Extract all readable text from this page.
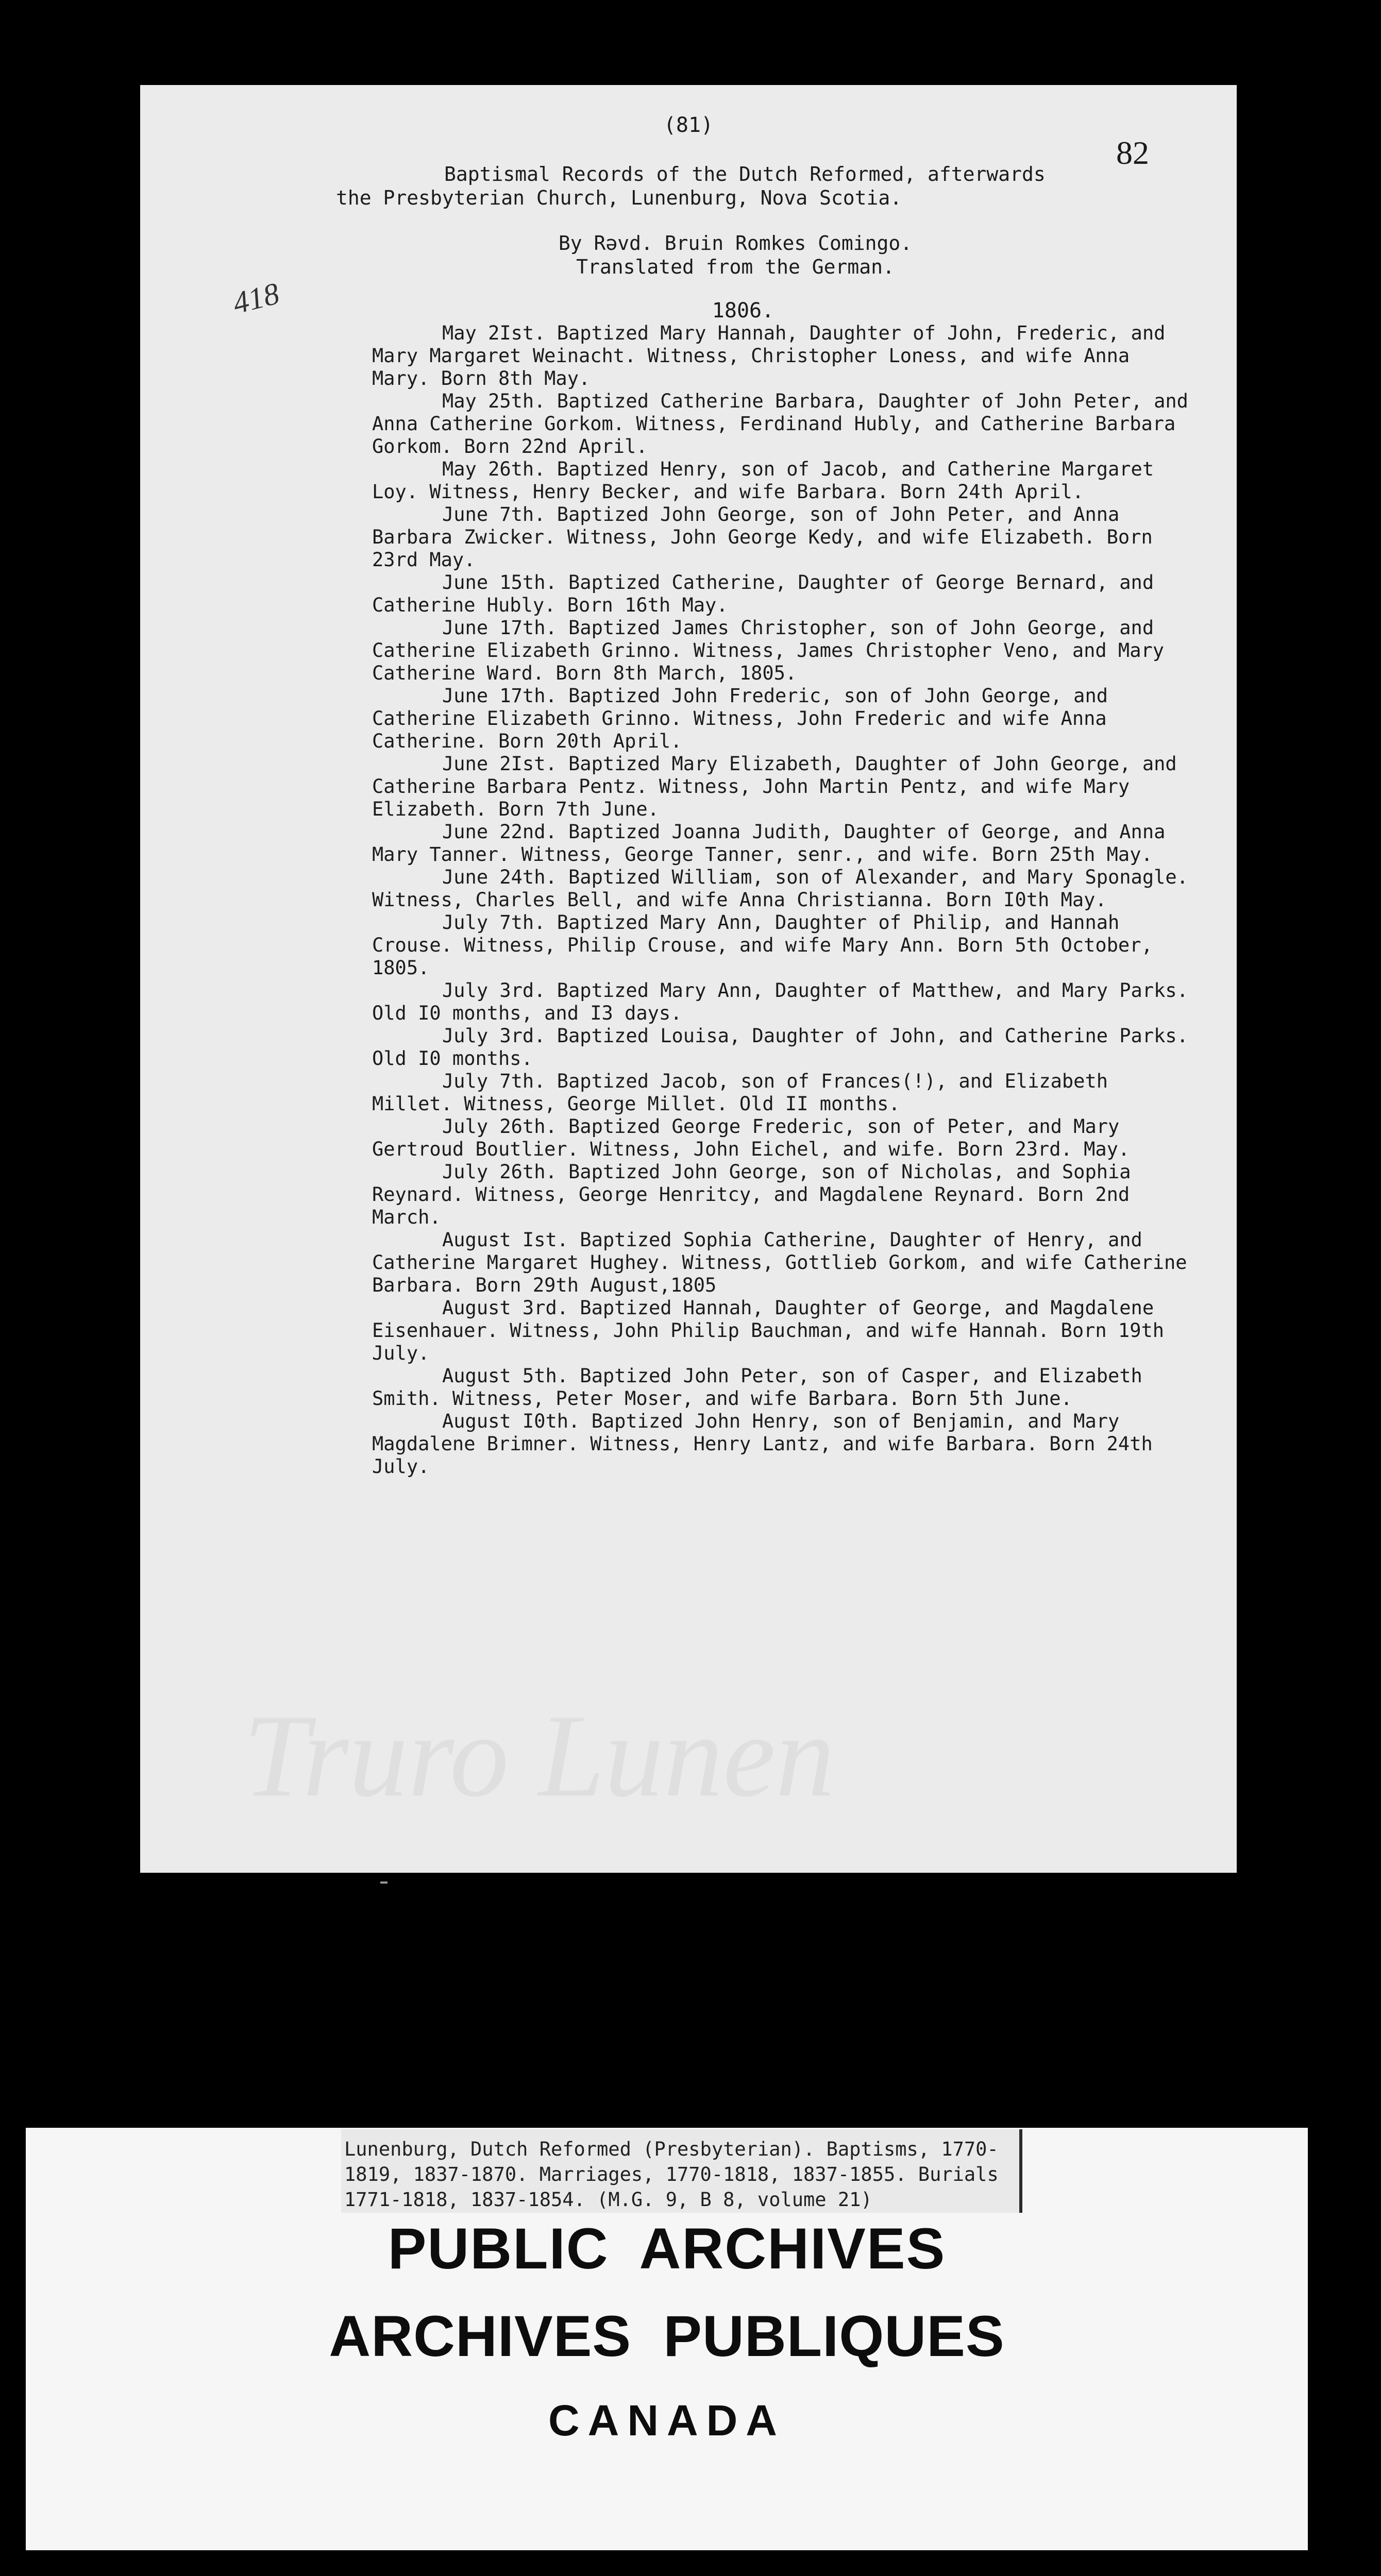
(81)
82
418

Baptismal Records of the Dutch Reformed, afterwards

the Presbyterian Church, Lunenburg, Nova Scotia.

By Rəvd. Bruin Romkes Comingo.

Translated from the German.

1806.

May 2Ist. Baptized Mary Hannah, Daughter of John, Frederic, and Mary Margaret Weinacht. Witness, Christopher Loness, and wife Anna Mary. Born 8th May.

May 25th. Baptized Catherine Barbara, Daughter of John Peter, and Anna Catherine Gorkom. Witness, Ferdinand Hubly, and Catherine Barbara Gorkom. Born 22nd April.

May 26th. Baptized Henry, son of Jacob, and Catherine Margaret Loy. Witness, Henry Becker, and wife Barbara. Born 24th April.

June 7th. Baptized John George, son of John Peter, and Anna Barbara Zwicker. Witness, John George Kedy, and wife Elizabeth. Born 23rd May.

June 15th. Baptized Catherine, Daughter of George Bernard, and Catherine Hubly. Born 16th May.

June 17th. Baptized James Christopher, son of John George, and Catherine Elizabeth Grinno. Witness, James Christopher Veno, and Mary Catherine Ward. Born 8th March, 1805.

June 17th. Baptized John Frederic, son of John George, and Catherine Elizabeth Grinno. Witness, John Frederic and wife Anna Catherine. Born 20th April.

June 2Ist. Baptized Mary Elizabeth, Daughter of John George, and Catherine Barbara Pentz. Witness, John Martin Pentz, and wife Mary Elizabeth. Born 7th June.

June 22nd. Baptized Joanna Judith, Daughter of George, and Anna Mary Tanner. Witness, George Tanner, senr., and wife. Born 25th May.

June 24th. Baptized William, son of Alexander, and Mary Sponagle. Witness, Charles Bell, and wife Anna Christianna. Born I0th May.

July 7th. Baptized Mary Ann, Daughter of Philip, and Hannah Crouse. Witness, Philip Crouse, and wife Mary Ann. Born 5th October, 1805.

July 3rd. Baptized Mary Ann, Daughter of Matthew, and Mary Parks. Old I0 months, and I3 days.

July 3rd. Baptized Louisa, Daughter of John, and Catherine Parks. Old I0 months.

July 7th. Baptized Jacob, son of Frances(!), and Elizabeth Millet. Witness, George Millet. Old II months.

July 26th. Baptized George Frederic, son of Peter, and Mary Gertroud Boutlier. Witness, John Eichel, and wife. Born 23rd. May.

July 26th. Baptized John George, son of Nicholas, and Sophia Reynard. Witness, George Henritcy, and Magdalene Reynard. Born 2nd March.

August Ist. Baptized Sophia Catherine, Daughter of Henry, and Catherine Margaret Hughey. Witness, Gottlieb Gorkom, and wife Catherine Barbara. Born 29th August,1805

August 3rd. Baptized Hannah, Daughter of George, and Magdalene Eisenhauer. Witness, John Philip Bauchman, and wife Hannah. Born 19th July.

August 5th. Baptized John Peter, son of Casper, and Elizabeth Smith. Witness, Peter Moser, and wife Barbara. Born 5th June.

August I0th. Baptized John Henry, son of Benjamin, and Mary Magdalene Brimner. Witness, Henry Lantz, and wife Barbara. Born 24th July.

Truro Lunen
Lunenburg, Dutch Reformed (Presbyterian). Baptisms, 1770-
1819, 1837-1870. Marriages, 1770-1818, 1837-1855. Burials
1771-1818, 1837-1854. (M.G. 9, B 8, volume 21)
PUBLIC ARCHIVES
ARCHIVES PUBLIQUES
CANADA
